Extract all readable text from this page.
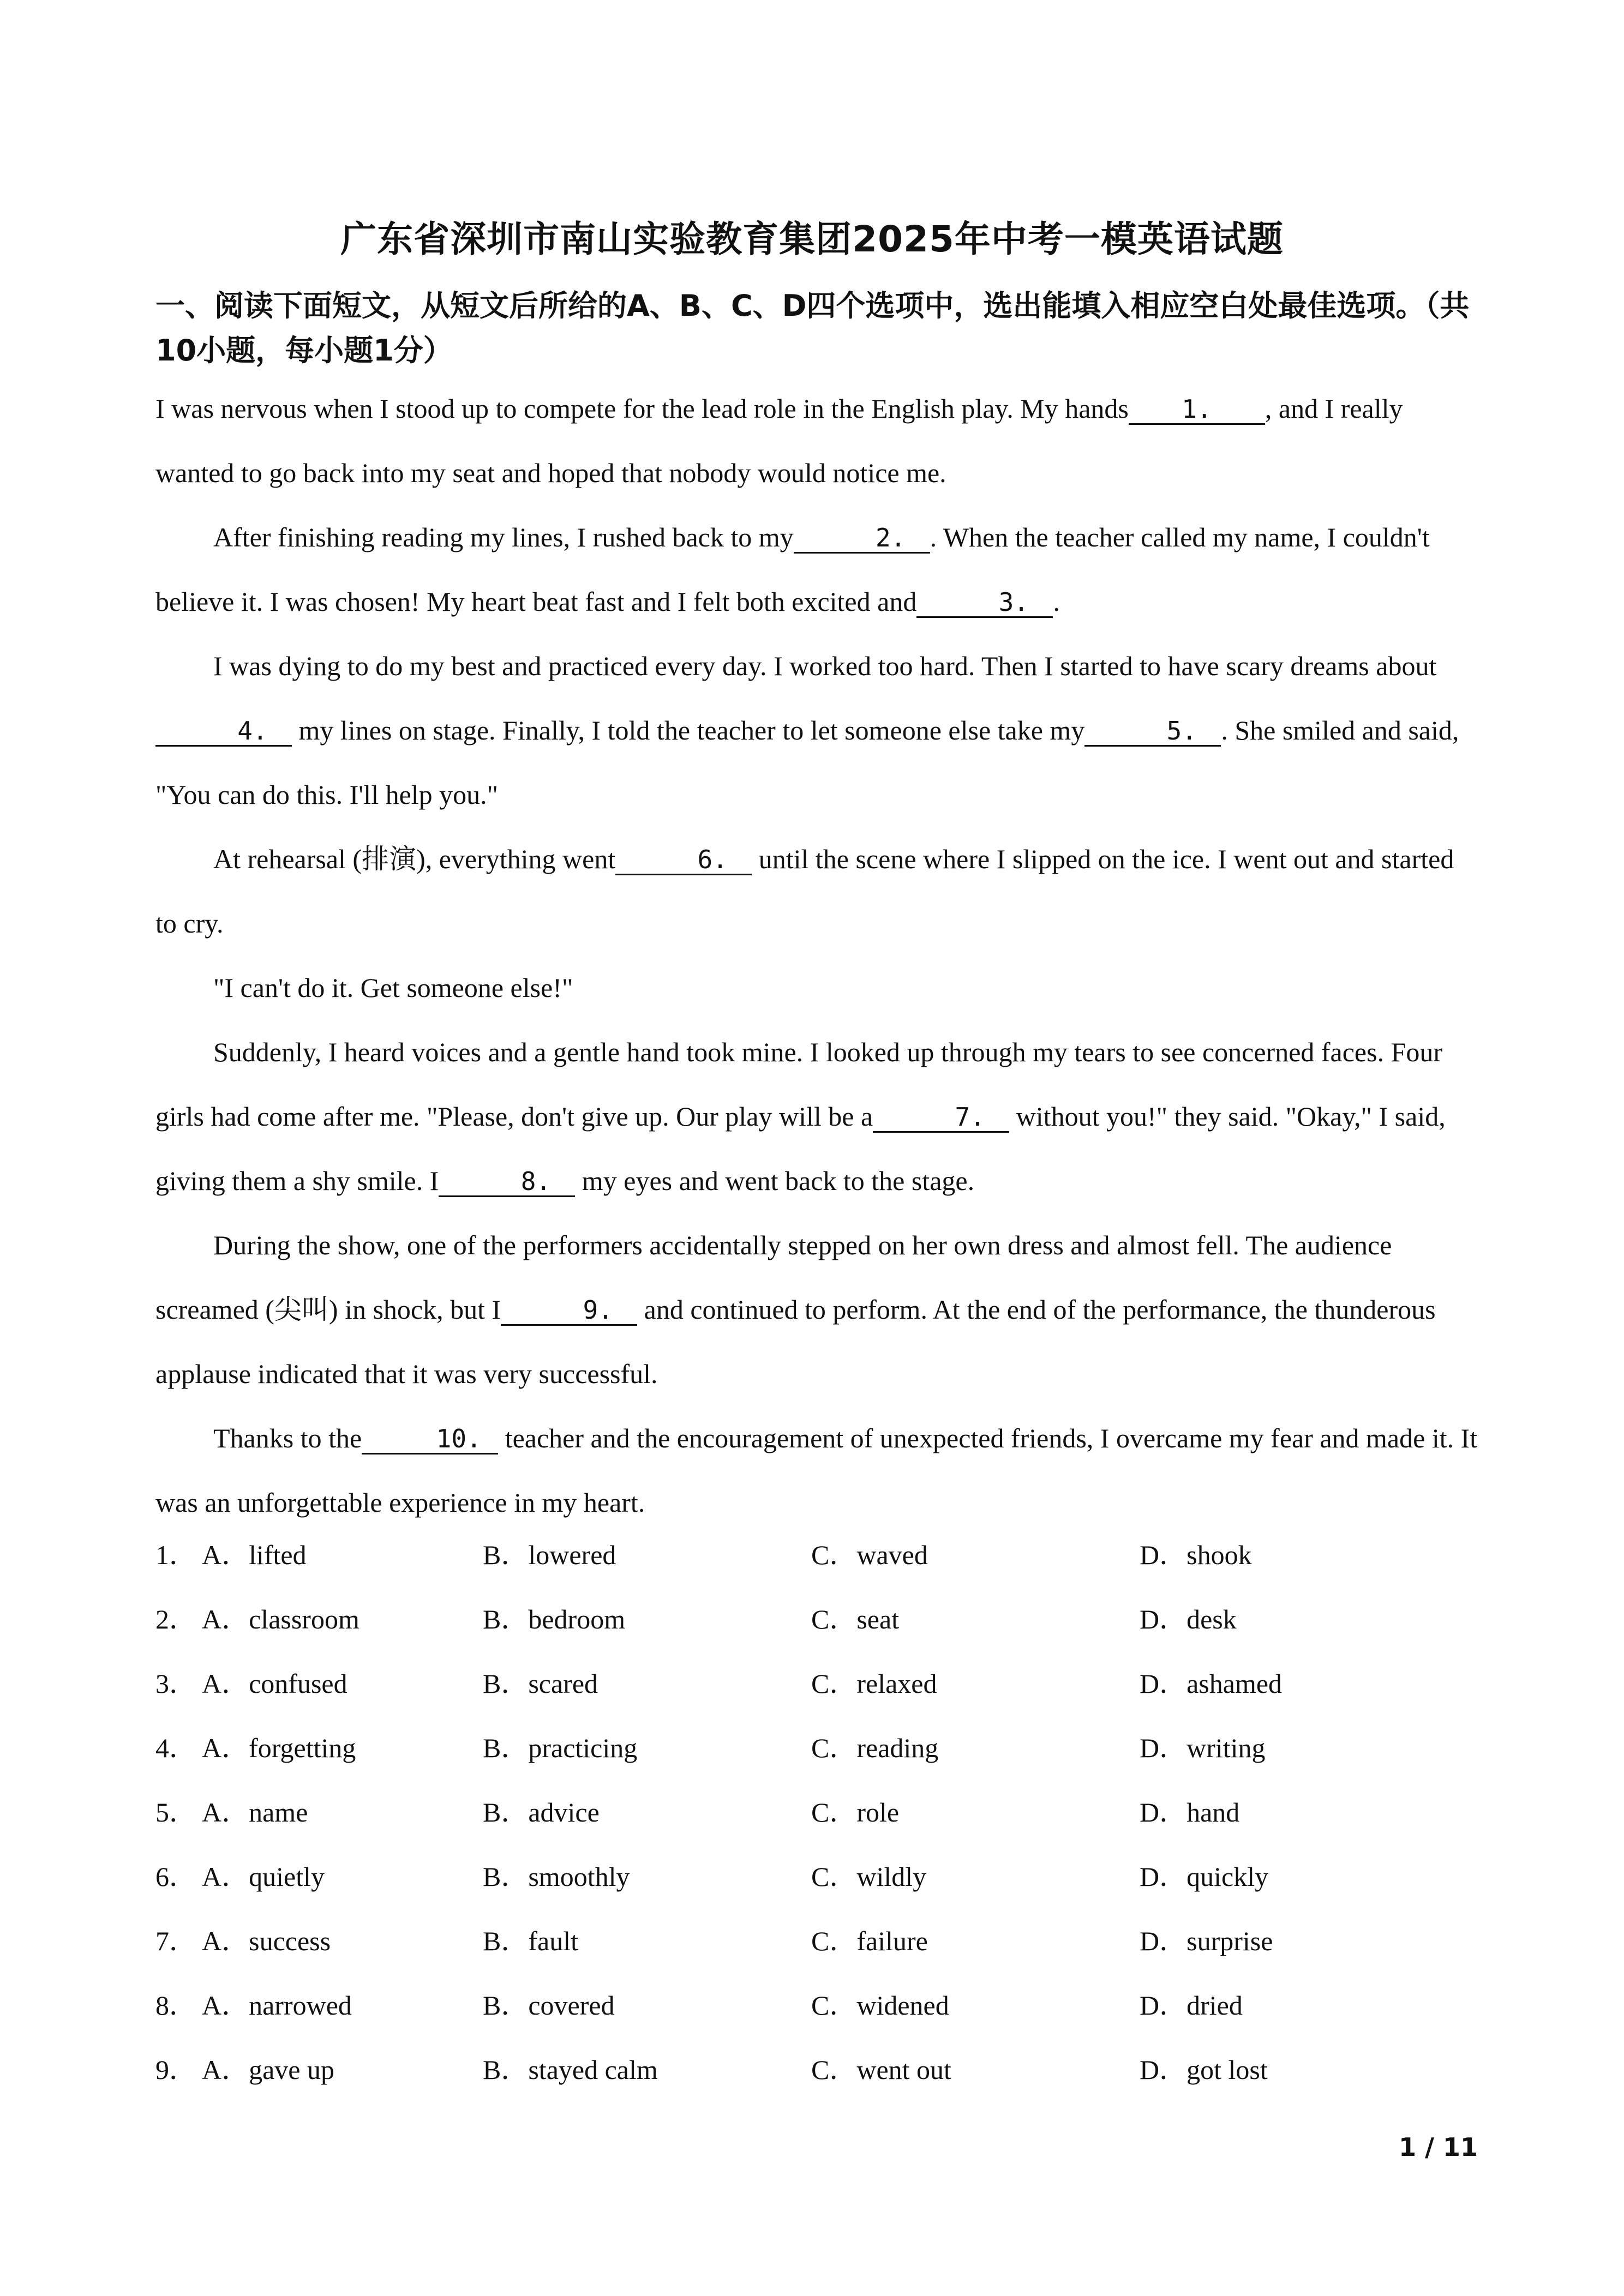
广东省深圳市南山实验教育集团2025年中考一模英语试题
一、阅读下面短文，从短文后所给的A、B、C、D四个选项中，选出能填入相应空白处最佳选项。（共10小题，每小题1分）

I was nervous when I stood up to compete for the lead role in the English play. My hands 1. , and I really wanted to go back into my seat and hoped that nobody would notice me.

After finishing reading my lines, I rushed back to my	2. . When the teacher called my name, I couldn't believe it. I was chosen! My heart beat fast and I felt both excited and	3. .

I was dying to do my best and practiced every day. I worked too hard. Then I started to have scary dreams about4. my lines on stage. Finally, I told the teacher to let someone else take my	5. . She smiled and said, "You can do this. I'll help you."

At rehearsal (排演), everything went	6. until the scene where I slipped on the ice. I went out and started to cry.

"I can't do it. Get someone else!"

Suddenly, I heard voices and a gentle hand took mine. I looked up through my tears to see concerned faces. Four girls had come after me. "Please, don't give up. Our play will be a	7. without you!" they said. "Okay," I said, giving them a shy smile. I	8. my eyes and went back to the stage.

During the show, one of the performers accidentally stepped on her own dress and almost fell. The audience screamed (尖叫) in shock, but I	9. and continued to perform. At the end of the performance, the thunderous applause indicated that it was very successful.

Thanks to the	10. teacher and the encouragement of unexpected friends, I overcame my fear and made it. It was an unforgettable experience in my heart.

1． A．lifted	B．lowered	C．waved	D．shook
2． A．classroom	B．bedroom	C．seat	D．desk
3． A．confused	B．scared	C．relaxed	D．ashamed
4． A．forgetting	B．practicing	C．reading	D．writing
5． A．name	B．advice	C．role	D．hand
6． A．quietly	B．smoothly	C．wildly	D．quickly
7． A．success	B．fault	C．failure	D．surprise
8． A．narrowed	B．covered	C．widened	D．dried
9． A．gave up	B．stayed calm	C．went out	D．got lost
1 / 11
